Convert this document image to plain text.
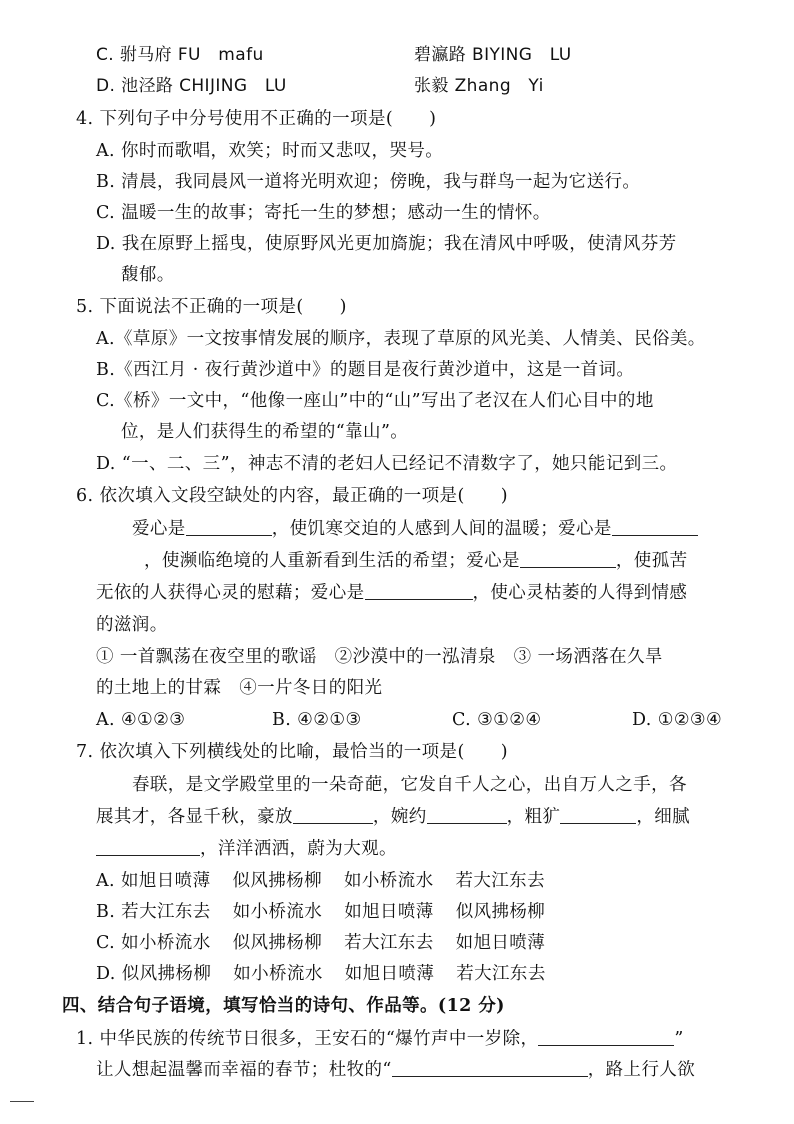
C. 驸马府 FU　mafu	碧瀛路 BIYING　LU
D. 池泾路 CHIJING　LU	张毅 Zhang　Yi
4. 下列句子中分号使用不正确的一项是( )
A. 你时而歌唱，欢笑；时而又悲叹，哭号。
B. 清晨，我同晨风一道将光明欢迎；傍晚，我与群鸟一起为它送行。
C. 温暖一生的故事；寄托一生的梦想；感动一生的情怀。
D. 我在原野上摇曳，使原野风光更加旖旎；我在清风中呼吸，使清风芬芳
馥郁。
5. 下面说法不正确的一项是( )
A.《草原》一文按事情发展的顺序，表现了草原的风光美、人情美、民俗美。
B.《西江月 · 夜行黄沙道中》的题目是夜行黄沙道中，这是一首词。
C.《桥》一文中，“他像一座山”中的“山”写出了老汉在人们心目中的地
位，是人们获得生的希望的“靠山”。
D. “一、二、三”，神志不清的老妇人已经记不清数字了，她只能记到三。
6. 依次填入文段空缺处的内容，最正确的一项是( )
爱心是	，使饥寒交迫的人感到人间的温暖；爱心是
，使濒临绝境的人重新看到生活的希望；爱心是	，使孤苦
无依的人获得心灵的慰藉；爱心是	，使心灵枯萎的人得到情感
的滋润。
① 一首飘荡在夜空里的歌谣　②沙漠中的一泓清泉　③ 一场洒落在久旱
的土地上的甘霖　④一片冬日的阳光
A. ④①②③	B. ④②①③	C. ③①②④	D. ①②③④
7. 依次填入下列横线处的比喻，最恰当的一项是( )
春联，是文学殿堂里的一朵奇葩，它发自千人之心，出自万人之手，各
展其才，各显千秋，豪放	，婉约	，粗犷	，细腻
，洋洋洒洒，蔚为大观。
A. 如旭日喷薄 似风拂杨柳 如小桥流水 若大江东去
B. 若大江东去 如小桥流水 如旭日喷薄 似风拂杨柳
C. 如小桥流水 似风拂杨柳 若大江东去 如旭日喷薄
D. 似风拂杨柳 如小桥流水 如旭日喷薄 若大江东去
四、结合句子语境，填写恰当的诗句、作品等。(12 分)
1. 中华民族的传统节日很多，王安石的“爆竹声中一岁除，	”
让人想起温馨而幸福的春节；杜牧的“	，路上行人欲
